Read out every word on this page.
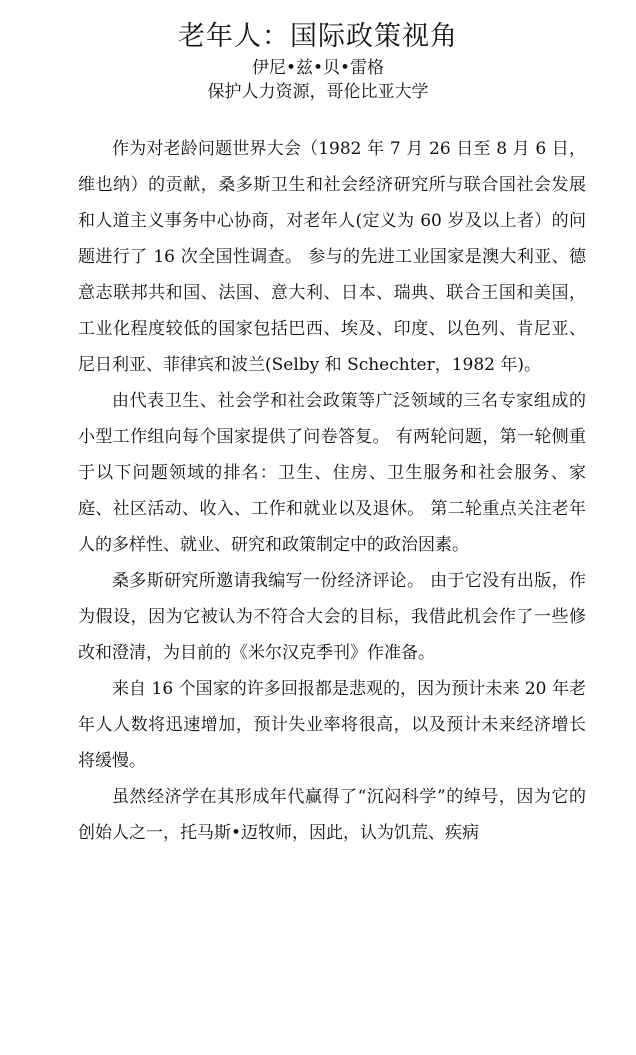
老年人：国际政策视角
伊尼•兹•贝•雷格
保护人力资源，哥伦比亚大学

作为对老龄问题世界大会（1982 年 7 月 26 日至 8 月 6 日，维也纳）的贡献，桑多斯卫生和社会经济研究所与联合国社会发展和人道主义事务中心协商，对老年人(定义为 60 岁及以上者）的问题进行了 16 次全国性调查。 参与的先进工业国家是澳大利亚、德意志联邦共和国、法国、意大利、日本、瑞典、联合王国和美国，工业化程度较低的国家包括巴西、埃及、印度、以色列、肯尼亚、尼日利亚、菲律宾和波兰(Selby 和 Schechter，1982 年)。

由代表卫生、社会学和社会政策等广泛领域的三名专家组成的小型工作组向每个国家提供了问卷答复。 有两轮问题，第一轮侧重于以下问题领域的排名：卫生、住房、卫生服务和社会服务、家庭、社区活动、收入、工作和就业以及退休。 第二轮重点关注老年人的多样性、就业、研究和政策制定中的政治因素。

桑多斯研究所邀请我编写一份经济评论。 由于它没有出版，作为假设，因为它被认为不符合大会的目标，我借此机会作了一些修改和澄清，为目前的《米尔汉克季刊》作准备。

来自 16 个国家的许多回报都是悲观的，因为预计未来 20 年老年人人数将迅速增加，预计失业率将很高，以及预计未来经济增长将缓慢。

虽然经济学在其形成年代赢得了“沉闷科学”的绰号，因为它的创始人之一，托马斯•迈牧师，因此，认为饥荒、疾病
